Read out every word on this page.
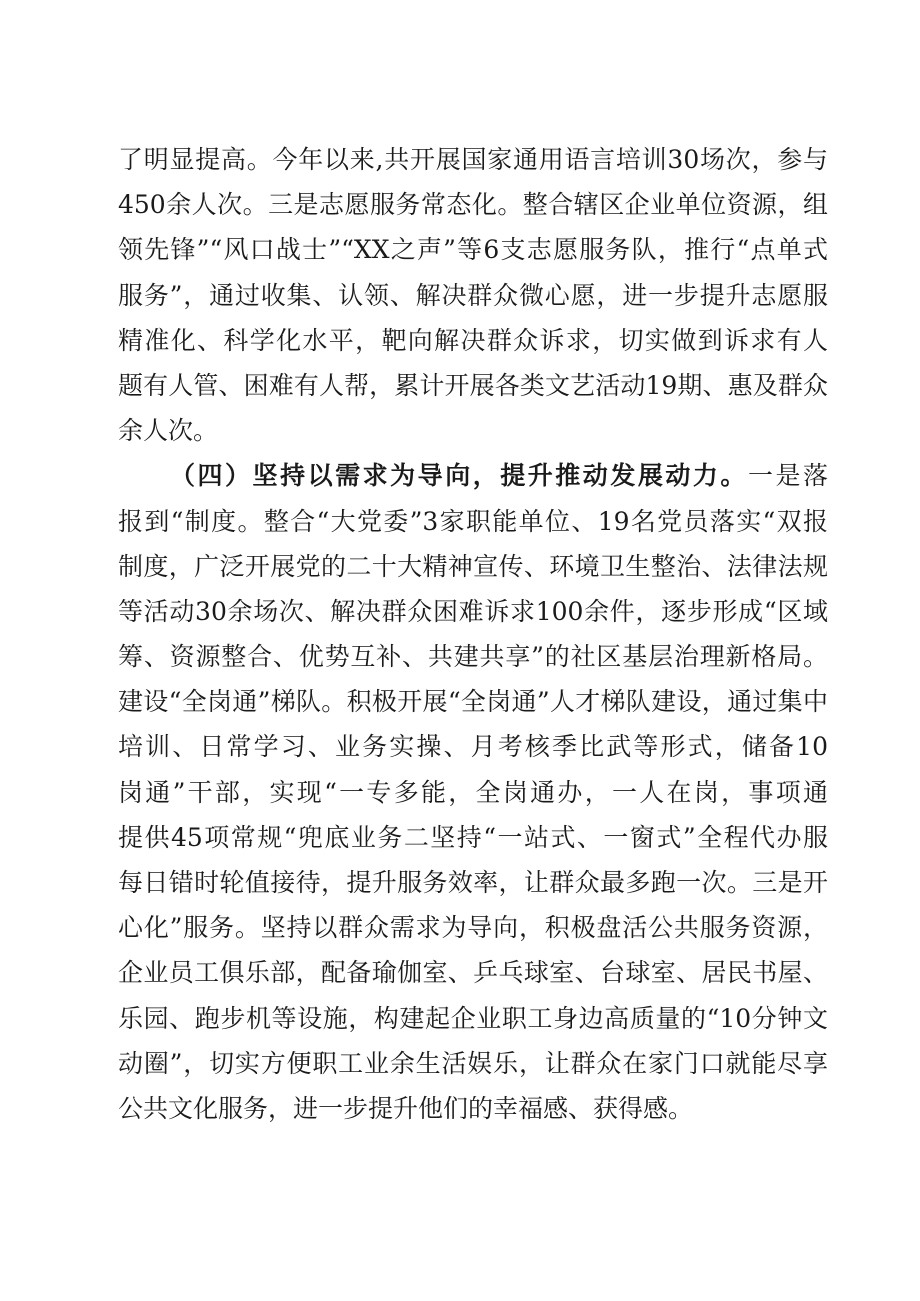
了明显提高。今年以来,共开展国家通用语言培训30场次，参与
450余人次。三是志愿服务常态化。整合辖区企业单位资源，组
领先锋”“风口战士”“XX之声”等6支志愿服务队，推行“点单式
服务”，通过收集、认领、解决群众微心愿，进一步提升志愿服
精准化、科学化水平，靶向解决群众诉求，切实做到诉求有人
题有人管、困难有人帮，累计开展各类文艺活动19期、惠及群众
余人次。
（四）坚持以需求为导向，提升推动发展动力。一是落
报到“制度。整合“大党委”3家职能单位、19名党员落实“双报
制度，广泛开展党的二十大精神宣传、环境卫生整治、法律法规
等活动30余场次、解决群众困难诉求100余件，逐步形成“区域
筹、资源整合、优势互补、共建共享”的社区基层治理新格局。
建设“全岗通”梯队。积极开展“全岗通”人才梯队建设，通过集中
培训、日常学习、业务实操、月考核季比武等形式，储备10
岗通”干部，实现“一专多能，全岗通办，一人在岗，事项通
提供45项常规“兜底业务二坚持“一站式、一窗式”全程代办服
每日错时轮值接待，提升服务效率，让群众最多跑一次。三是开
心化”服务。坚持以群众需求为导向，积极盘活公共服务资源，
企业员工俱乐部，配备瑜伽室、乒乓球室、台球室、居民书屋、
乐园、跑步机等设施，构建起企业职工身边高质量的“10分钟文
动圈”，切实方便职工业余生活娱乐，让群众在家门口就能尽享
公共文化服务，进一步提升他们的幸福感、获得感。
